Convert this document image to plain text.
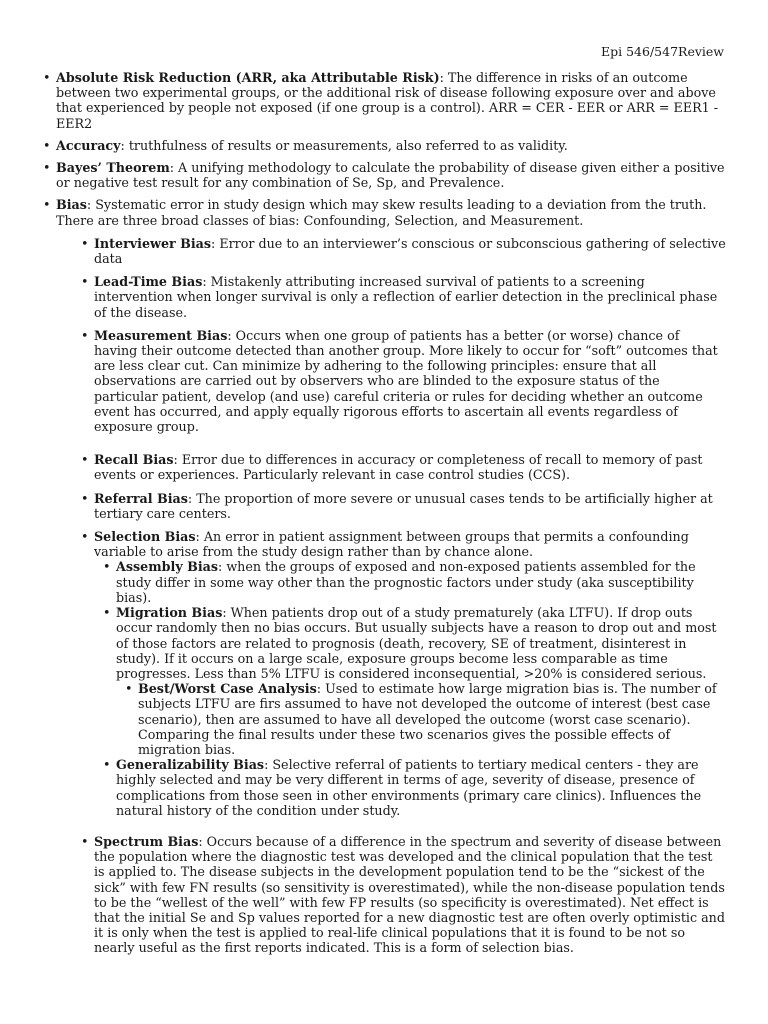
Epi 546/547Review
• Absolute Risk Reduction (ARR, aka Attributable Risk): The difference in risks of an outcome between two experimental groups, or the additional risk of disease following exposure over and above that experienced by people not exposed (if one group is a control). ARR = CER - EER or ARR = EER1 - EER2
• Accuracy: truthfulness of results or measurements, also referred to as validity.
• Bayes’ Theorem: A unifying methodology to calculate the probability of disease given either a positive or negative test result for any combination of Se, Sp, and Prevalence.
• Bias: Systematic error in study design which may skew results leading to a deviation from the truth. There are three broad classes of bias: Confounding, Selection, and Measurement.
• Interviewer Bias: Error due to an interviewer’s conscious or subconscious gathering of selective data
• Lead-Time Bias: Mistakenly attributing increased survival of patients to a screening intervention when longer survival is only a reflection of earlier detection in the preclinical phase of the disease.
• Measurement Bias: Occurs when one group of patients has a better (or worse) chance of having their outcome detected than another group. More likely to occur for “soft” outcomes that are less clear cut. Can minimize by adhering to the following principles: ensure that all observations are carried out by observers who are blinded to the exposure status of the particular patient, develop (and use) careful criteria or rules for deciding whether an outcome event has occurred, and apply equally rigorous efforts to ascertain all events regardless of exposure group.
• Recall Bias: Error due to differences in accuracy or completeness of recall to memory of past events or experiences. Particularly relevant in case control studies (CCS).
• Referral Bias: The proportion of more severe or unusual cases tends to be artificially higher at tertiary care centers.
• Selection Bias: An error in patient assignment between groups that permits a confounding variable to arise from the study design rather than by chance alone.
• Assembly Bias: when the groups of exposed and non-exposed patients assembled for the study differ in some way other than the prognostic factors under study (aka susceptibility bias).
• Migration Bias: When patients drop out of a study prematurely (aka LTFU). If drop outs occur randomly then no bias occurs. But usually subjects have a reason to drop out and most of those factors are related to prognosis (death, recovery, SE of treatment, disinterest in study). If it occurs on a large scale, exposure groups become less comparable as time progresses. Less than 5% LTFU is considered inconsequential, >20% is considered serious.
• Best/Worst Case Analysis: Used to estimate how large migration bias is. The number of subjects LTFU are firs assumed to have not developed the outcome of interest (best case scenario), then are assumed to have all developed the outcome (worst case scenario). Comparing the final results under these two scenarios gives the possible effects of migration bias.
• Generalizability Bias: Selective referral of patients to tertiary medical centers - they are highly selected and may be very different in terms of age, severity of disease, presence of complications from those seen in other environments (primary care clinics). Influences the natural history of the condition under study.
• Spectrum Bias: Occurs because of a difference in the spectrum and severity of disease between the population where the diagnostic test was developed and the clinical population that the test is applied to. The disease subjects in the development population tend to be the “sickest of the sick” with few FN results (so sensitivity is overestimated), while the non-disease population tends to be the “wellest of the well” with few FP results (so specificity is overestimated). Net effect is that the initial Se and Sp values reported for a new diagnostic test are often overly optimistic and it is only when the test is applied to real-life clinical populations that it is found to be not so nearly useful as the first reports indicated. This is a form of selection bias.
